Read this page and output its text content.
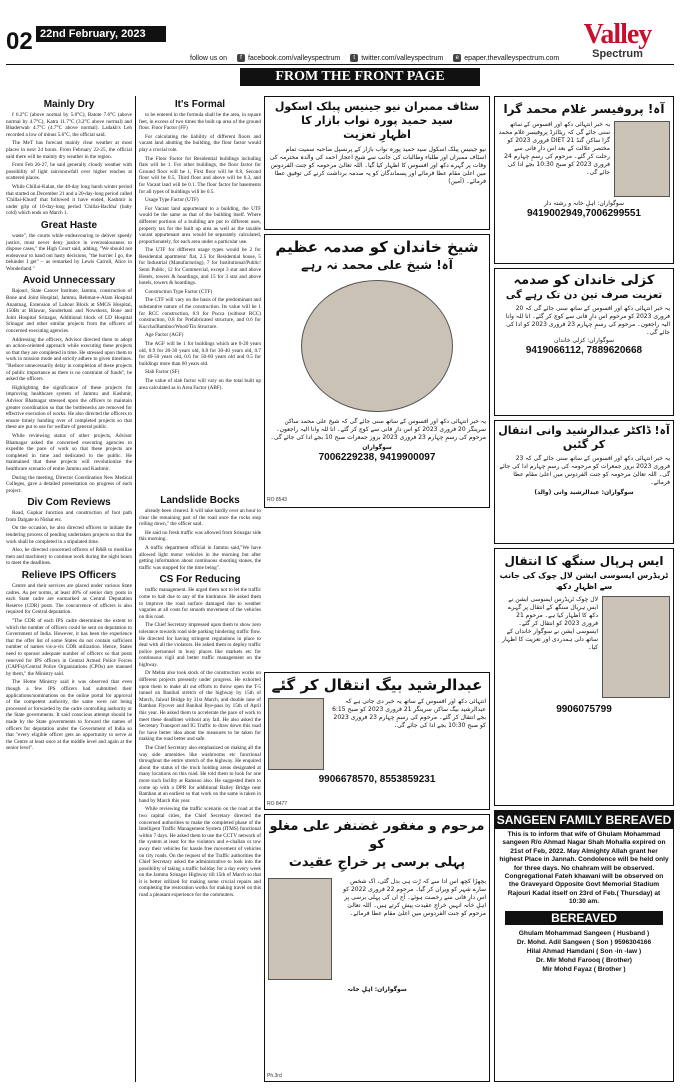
02 22nd February, 2023
follow us on	f facebook.com/valleyspectrum	t twitter.com/valleyspectrum	e epaper.thevalleyspectrum.com
Valley
Spectrum
FROM THE FRONT PAGE
Mainly Dry

f 6.2°C (above normal by 5.0°C), Batote 7.6°C (above normal by 4.7°C), Katra 11.7°C (3.2°C above normal) and Bhaderwah 4.7°C (4.7°C above normal). Ladakh's Leh recorded a low of minus 5.6°C, the official said.

The MeT has forecast mainly clear weather at most places in next 24 hours. From February 22-25, the official said there will be mainly dry weather in the region.

From Feb 26-27, he said generally cloudy weather with possibility of light rain/snowfall over higher reaches at scattered places.

While Chillai-Kalan, the 40-day long harsh winter period that started on December 21 and a 20-day-long period called 'Chillai-Khurd' that followed it have ended, Kashmir is under grip of 10-day-long period 'Chillai-Bachha' (baby cold) which ends on March 1.

Great Haste

waste", the courts while endeavouring to deliver speedy justice, must never deny justice in overzealousness to dispose cases," the High Court said, adding, "We should not endeavour to hand out hasty decisions, "the hurrier I go, the behinder I get" – as remarked by Lewis Carroll, Alice in Wonderland."

Avoid Unnecessary

Rajouri, State Cancer Institute, Jammu, construction of Bone and Joint Hospital, Jammu, Rehmat-e-Alam Hospital Anantnag, Extension of Labour Block at SMGS Hospital, 150Bs at Bilawar, Sunderbani and Nowshera, Bone and Joint Hospital Srinagar, Additional block of LD Hospital Srinagar and other similar projects from the officers of concerned executing agencies.

Addressing the officers, Advisor directed them to adopt an action-oriented approach while executing these projects so that they are completed in time. He stressed upon them to work in mission mode and strictly adhere to given timelines. "Reduce unnecessarily delay in completion of these projects of public importance as there is no constraint of funds", he asked the officers.

Highlighting the significance of these projects for improving healthcare system of Jammu and Kashmir, Advisor Bhatnagar stressed upon the officers to maintain greater coordination so that the bottlenecks are removed for effective execution of works. He also directed the officers to ensure timely handing over of completed projects so that these are put to use for welfare of general public.

While reviewing status of other projects, Advisor Bhatnagar asked the concerned executing agencies to expedite the pace of work so that these projects are completed in time and dedicated to the public. He maintained that these projects will revolutionize the healthcare scenario of entire Jammu and Kashmir.

During the meeting, Director Coordination New Medical Colleges, gave a detailed presentation on progress of each project.

Div Com Reviews

Road, Gupkar Junction and construction of foot path from Dalgate to Nishat etc.

On the occasion, he also directed officers to initiate the tendering process of pending undertaken projects so that the work shall be completed in a stipulated time.

Also, he directed concerned officers of R&B to mobilize men and machinery to continue work during the night hours to meet the deadlines.

Relieve IPS Officers

Centre and their services are placed under various State cadres. As per norms, at least 40% of senior duty posts in each State cadre are earmarked as Central Deputation Reserve (CDR) posts. The concurrence of officers is also required for Central deputation.

"The CDR of each IPS cadre determines the extent to which the number of officers could be sent on deputation to Government of India. However, it has been the experience that the offer list of some States do not contain sufficient number of names vis-a-vis CDR utilization. Hence, States need to sponsor adequate number of officers so that posts reserved for IPS officers in Central Armed Police Forces (CAPFs)/Central Police Organizations (CPOs) are manned by them," the Ministry said.

The Home Ministry said it was observed that even though a few IPS officers had submitted their applications/nominations on the online portal for approval of the competent authority, the same were not being processed or forwarded by the cadre controlling authority or the State governments. It said conscious attempt should be made by the State governments to forward the names of officers for deputation under the Government of India so that "every eligible officer gets an opportunity to serve at the Centre at least once at the middle level and again at the senior level".

It's Formal

to be entered in the formula shall be the area, in square feet, in excess of two times the built up area of the ground floor. Floor Factor (FF)

For calculating the liability of different floors and vacant land abutting the building, the floor factor would play a crucial role.

The Floor Factor for Residential buildings including flats will be 1. For other buildings, the floor factor for Ground floor will be 1, First floor will be 0.8, Second floor will be 0.5, Third floor and above will be 0.3, and for Vacant land will be 0.1. The floor factor for basements for all types of buildings will be 0.5.

Usage Type Factor (UTF)

For Vacant land appurtenant to a building, the UTF would be the same as that of the building itself. Where different portions of a building are put to different uses, property tax for the built up area as well as the taxable vacant appurtenant area would be separately calculated, proportionately, for each area under a particular use.

The UTF for different usage types would be 2 for Residential apartment/ flat, 2.5 for Residential house, 5 for Industrial (Manufacturing), 7 for Institutional/Public/ Semi Public, 12 for Commercial, except 3 star and above Hotels, towers & hoardings, and 15 for 3 star and above hotels, towers & hoardings.

Construction Type Factor (CTF)

The CTF will vary on the basis of the predominant and substantive nature of the construction. Its value will be 1 for RCC construction, 0.9 for Pucca (without RCC) construction, 0.8 for Prefabricated structure, and 0.6 for Kuccha/Bamboo/Wood/Tin Structure.

Age Factor (AGF)

The AGF will be 1 for buildings which are 0-20 years old, 0.9 for 20-30 years old, 0.8 for 30-40 years old, 0.7 for 40-50 years old, 0.6 for 50-60 years old and 0.5 for buildings more than 60 years old.

Slab Factor (SF)

The value of slab factor will vary on the total built up area calculated as in Area Factor (ABF).

سٹاف ممبران نیو جینیس پبلک اسکول سید حمید پورہ نواب بازار کا
اظہارِ تعزیت
نیو جینیس پبلک اسکول سید حمید پورہ نواب بازار کے پرنسپل صاحبہ سمیت تمام اسٹاف ممبران اور طلباء وطالبات کی جانب سے شیخ اعجاز احمد کی والدہ محترمہ کی وفات پر گہرے دکھ اور افسوس کا اظہار کیا گیا۔ اللہ تعالیٰ مرحومہ کو جنت الفردوس میں اعلیٰ مقام عطا فرمائے اور پسماندگان کو یہ صدمہ برداشت کرنے کی توفیق عطا فرمائے۔ (آمین)
شیخ خاندان کو صدمہ عظیم
آہ! شیخ علی محمد نہ رہے
یہ خبر انتہائی دکھ اور افسوس کے ساتھ سنی جائے گی کہ شیخ علی محمد ساکن سرینگر 20 فروری 2023 کو اس دارِ فانی سے کوچ کر گئے۔ انا للہ وانا الیہ راجعون۔ مرحوم کی رسمِ چہارم 23 فروری 2023 بروز جمعرات صبح 10 بجے ادا کی جائے گی۔
سوگواران
7006229238, 9419900097
RO 8543
Landslide Bocks

already been cleared. It will take hardly over an hour to clear the remaining part of the road once the rocks stop rolling down," the officer said.

He said no fresh traffic was allowed from Srinagar side this morning.

A traffic department official in Jammu said,"We have allowed light motor vehicles in the morning but after getting information about continuous shooting stones, the traffic was stopped for the time being".

CS For Reducing

traffic management. He urged them not to let the traffic come to halt due to any of the hindrance. He asked them to improve the road surface damaged due to weather vagaries at all costs for smooth movement of the vehicles on this road.

The Chief Secretary impressed upon them to show zero tolerance towards road side parking hindering traffic flow. He directed for having stringent regulations in place to deal with all the violators. He asked them to deploy traffic police personnel in busy places like markets etc for continuous vigil and better traffic management on the highway.

Dr Mehta also took stock of the construction works on different projects presently under progress. He exhorted upon them to make all out efforts to throw open the T-5 tunnel on Banihal stretch of the highway by 15th of March, Jaiwal Bridge by 31st March, and double lane of Ramban Flyover and Banihal Bye-pass by 15th of April this year. He asked them to accelerate the pace of work to meet these deadlines without any fail. He also asked the Secretary Transport and IG Traffic to draw down this road for have better idea about the measures to be taken for making the road better and safe.

The Chief Secretary also emphasized on making all the way side amenities like washrooms etc functional throughout the entire stretch of the highway. He enquired about the status of the truck holding areas designated at many locations on this road. He told them to look for one more such facility at Ramsoo also. He suggested them to come up with a DPR for additional Bailey Bridge near Ramban at an earliest so that work on the same is taken in hand by March this year.

While reviewing the traffic scenario on the road at the two capital cities, the Chief Secretary directed the concerned authorities to make the completed phase of the Intelligent Traffic Management System (ITMS) functional within 7 days. He asked them to use the CCTV network of the system at least for the violators and e-challan or tow away their vehicles for hassle free movement of vehicles on city roads. On the request of the Traffic authorities the Chief Secretary asked the administrative to look into the possibility of taking a traffic holiday for a day every week on the Jammu Srinagar Highway till 15th of March so that it is better utilized for making some crucial repairs and completing the restoration works for making travel on this road a pleasant experience for the commuters.

عبدالرشید بیگ انتقال کر گئے
انتہائی دکھ اور افسوس کے ساتھ یہ خبر دی جاتی ہے کہ عبدالرشید بیگ ساکن سرینگر 21 فروری 2023 کو صبح 6:15 بجے انتقال کر گئے۔ مرحوم کی رسمِ چہارم 23 فروری 2023 کو صبح 10:30 بجے ادا کی جائے گی۔
9906678570, 8553859231
RO 8477
مرحوم و مغفور غضنفر علی مغلو کو
پہلی برسی پر خراجِ عقیدت
بچھڑا کچھ اس ادا سے کہ رُت ہی بدل گئی، اک شخص سارے شہر کو ویران کر گیا۔ مرحوم 22 فروری 2022 کو اس دارِ فانی سے رخصت ہوئے۔ آج ان کی پہلی برسی پر اہلِ خانہ انہیں خراجِ عقیدت پیش کرتے ہیں۔ اللہ تعالیٰ مرحوم کو جنت الفردوس میں اعلیٰ مقام عطا فرمائے۔
سوگواران: اہلِ خانہ
Ph.3rd
آہ! پروفیسر غلام محمد گرا
یہ خبر انتہائی دکھ اور افسوس کے ساتھ سنی جائے گی کہ ریٹائرڈ پروفیسر غلام محمد گرا ساکن گنڈ DIET 21 فروری 2023 کو مختصر علالت کے بعد اس دارِ فانی سے رحلت کر گئے۔ مرحوم کی رسمِ چہارم 24 فروری 2023 کو صبح 10:30 بجے ادا کی جائے گی۔
سوگواران: اہلِ خانہ و رشتہ دار
9419002949,7006299551
کزلی خاندان کو صدمہ
تعزیت صرف تین دن تک رہے گی
یہ خبر انتہائی دکھ اور افسوس کے ساتھ سنی جائے گی کہ 20 فروری 2023 کو مرحوم اس دارِ فانی سے کوچ کر گئے۔ انا للہ وانا الیہ راجعون۔ مرحوم کی رسمِ چہارم 23 فروری 2023 کو ادا کی جائے گی۔
سوگواران: کزلی خاندان
9419066112, 7889620668
آہ! ڈاکٹر عبدالرشید وانی انتقال کر گئیں
یہ خبر انتہائی دکھ اور افسوس کے ساتھ سنی جائے گی کہ 23 فروری 2023 بروز جمعرات کو مرحومہ کی رسمِ چہارم ادا کی جائے گی۔ اللہ تعالیٰ مرحومہ کو جنت الفردوس میں اعلیٰ مقام عطا فرمائے۔
سوگواران: عبدالرشید وانی (والد)
ایس ہرپال سنگھ کا انتقال
ٹریڈرس ایسوسی ایشن لال چوک کی جانب سے اظہارِ دکھ
لال چوک ٹریڈرس ایسوسی ایشن نے ایس ہرپال سنگھ کے انتقال پر گہرے دکھ کا اظہار کیا ہے۔ مرحوم 21 فروری 2023 کو انتقال کر گئے۔ ایسوسی ایشن نے سوگوار خاندان کے ساتھ دلی ہمدردی اور تعزیت کا اظہار کیا۔
9906075799
SANGEEN FAMILY BEREAVED
This is to inform that wife of Ghulam Mohammad sangeen R/o Ahmad Nagar Shah Mohalla expired on 21st of Feb, 2022. May Almighty Allah grant her highest Place in Jannah. Condolence will be held only for three days. No chahram will be observed. Congregational Fateh khawani will be observed on the Graveyard Opposite Govt Memorial Stadium Rajouri Kadal itself on 23rd of Feb.( Thursday) at 10:30 am.
BEREAVED
Ghulam Mohammad Sangeen ( Husband )
Dr. Mohd. Adil Sangeen ( Son ) 9596304166
Hilal Ahmad Hamdani ( Son -in -law )
Dr. Mir Mohd Farooq ( Brother)
Mir Mohd Fayaz ( Brother )
